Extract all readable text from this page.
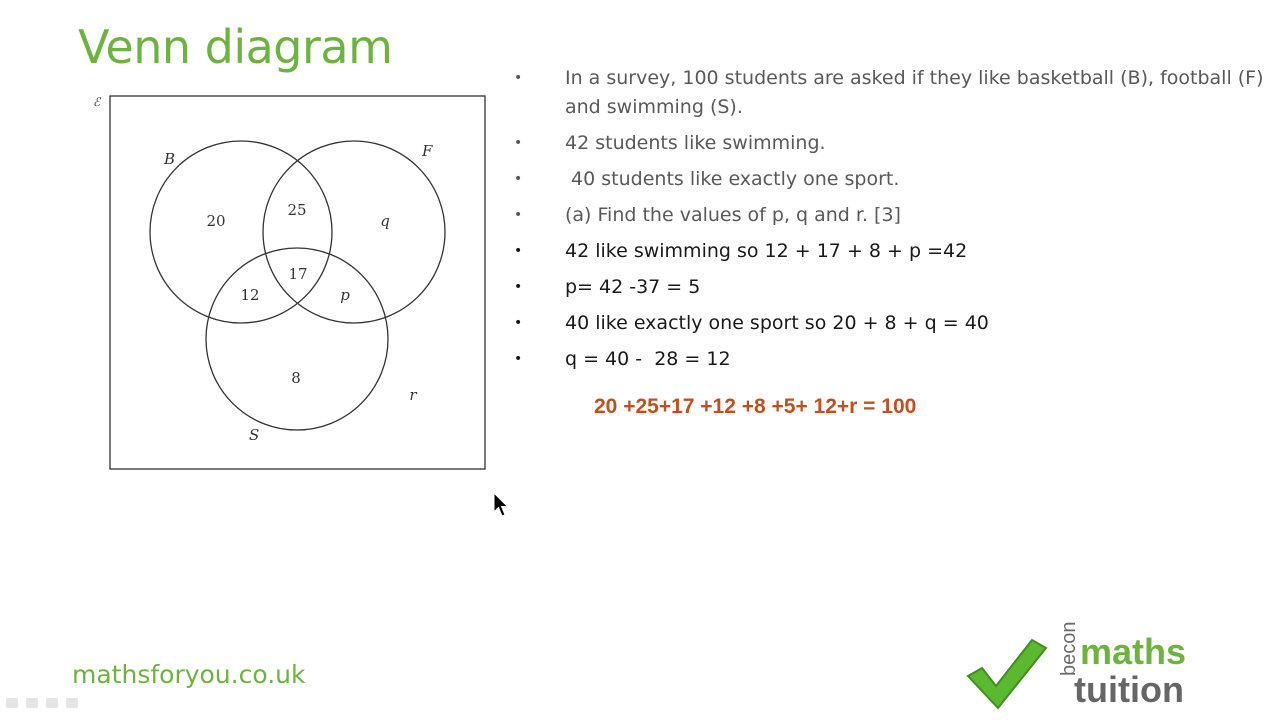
Venn diagram
ℰ
B	F
S
20
25
q
12
17
p
8
r
• In a survey, 100 students are asked if they like basketball (B), football (F) and swimming (S).
• 42 students like swimming.
• 40 students like exactly one sport.
• (a) Find the values of p, q and r. [3]
• 42 like swimming so 12 + 17 + 8 + p =42
• p= 42 -37 = 5
• 40 like exactly one sport so 20 + 8 + q = 40
• q = 40 -  28 = 12
20 +25+17 +12 +8 +5+ 12+r = 100
mathsforyou.co.uk	becon maths
tuition
